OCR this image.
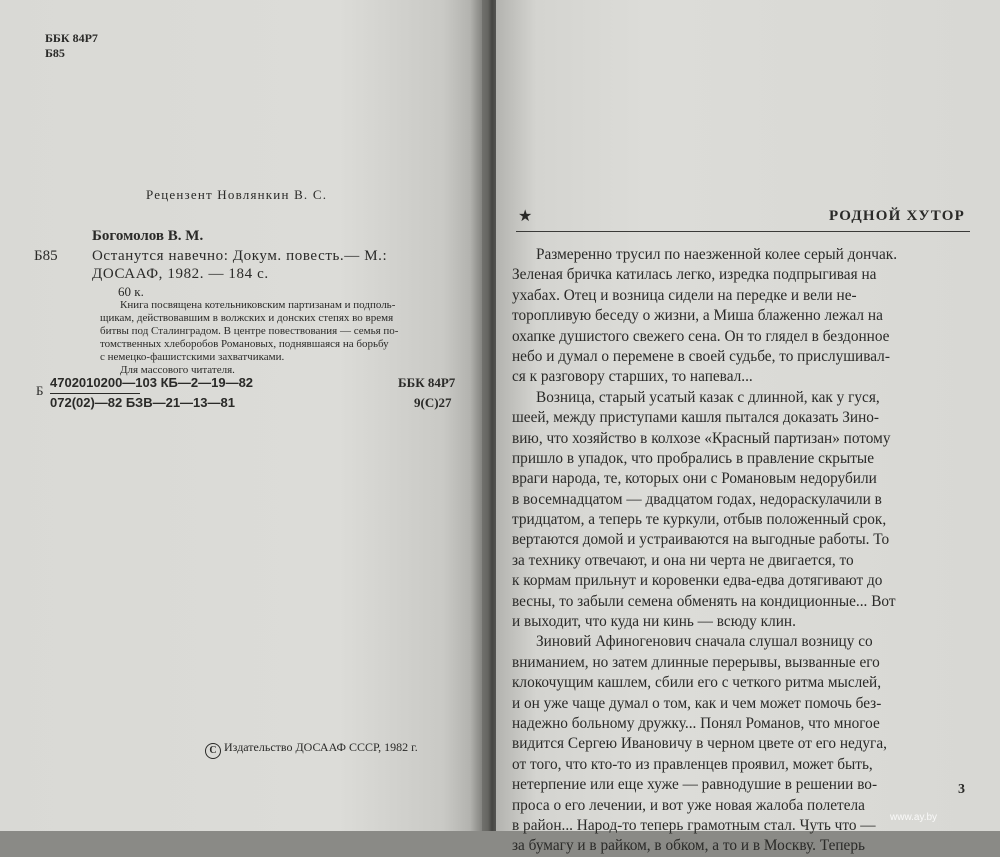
ББК 84Р7
Б85
Рецензент Новлянкин В. С.
Богомолов В. М.
Б85 Останутся навечно: Докум. повесть.— М.:
ДОСААФ, 1982. — 184 с.
60 к.
Книга посвящена котельниковским партизанам и подполь-
щикам, действовавшим в волжских и донских степях во время
битвы под Сталинградом. В центре повествования — семья по-
томственных хлеборобов Романовых, поднявшаяся на борьбу
с немецко-фашистскими захватчиками.
Для массового читателя.
Б
4702010200—103 КБ—2—19—82
072(02)—82 БЗВ—21—13—81
ББК 84Р7
9(С)27
С Издательство ДОСААФ СССР, 1982 г.
★	РОДНОЙ ХУТОР
Размеренно трусил по наезженной колее серый дончак.
Зеленая бричка катилась легко, изредка подпрыгивая на
ухабах. Отец и возница сидели на передке и вели не-
торопливую беседу о жизни, а Миша блаженно лежал на
охапке душистого свежего сена. Он то глядел в бездонное
небо и думал о перемене в своей судьбе, то прислушивал-
ся к разговору старших, то напевал...
Возница, старый усатый казак с длинной, как у гуся,
шеей, между приступами кашля пытался доказать Зино-
вию, что хозяйство в колхозе «Красный партизан» потому
пришло в упадок, что пробрались в правление скрытые
враги народа, те, которых они с Романовым недорубили
в восемнадцатом — двадцатом годах, недораскулачили в
тридцатом, а теперь те куркули, отбыв положенный срок,
вертаются домой и устраиваются на выгодные работы. То
за технику отвечают, и она ни черта не двигается, то
к кормам прильнут и коровенки едва-едва дотягивают до
весны, то забыли семена обменять на кондиционные... Вот
и выходит, что куда ни кинь — всюду клин.
Зиновий Афиногенович сначала слушал возницу со
вниманием, но затем длинные перерывы, вызванные его
клокочущим кашлем, сбили его с четкого ритма мыслей,
и он уже чаще думал о том, как и чем может помочь без-
надежно больному дружку... Понял Романов, что многое
видится Сергею Ивановичу в черном цвете от его недуга,
от того, что кто-то из правленцев проявил, может быть,
нетерпение или еще хуже — равнодушие в решении во-
проса о его лечении, и вот уже новая жалоба полетела
в район... Народ-то теперь грамотным стал. Чуть что —
за бумагу и в райком, в обком, а то и в Москву. Теперь
3
www.ay.by
